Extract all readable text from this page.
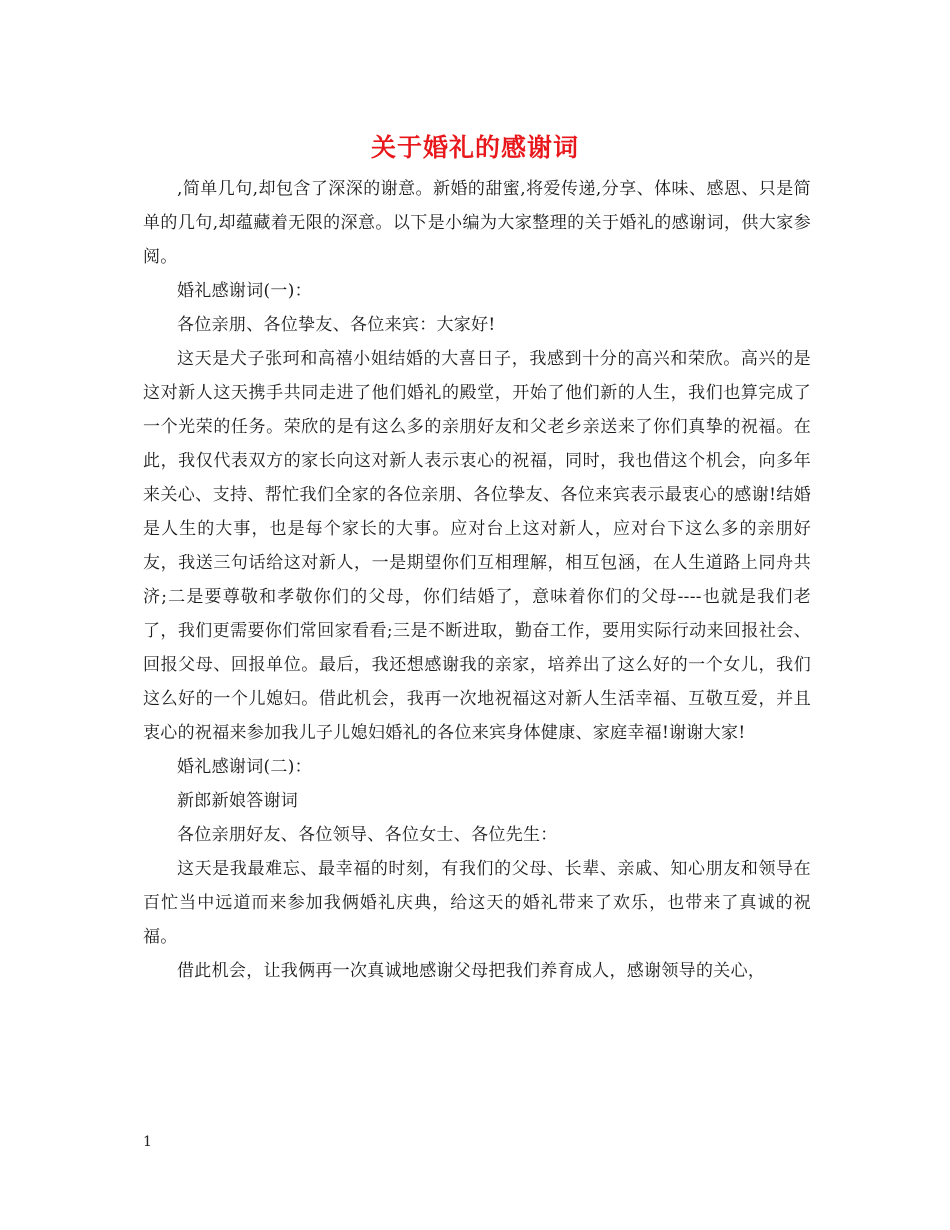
关于婚礼的感谢词

,简单几句,却包含了深深的谢意。新婚的甜蜜,将爱传递,分享、体味、感恩、只是简单的几句,却蕴藏着无限的深意。以下是小编为大家整理的关于婚礼的感谢词，供大家参阅。

婚礼感谢词(一)：

各位亲朋、各位挚友、各位来宾：大家好!

这天是犬子张珂和高禧小姐结婚的大喜日子，我感到十分的高兴和荣欣。高兴的是这对新人这天携手共同走进了他们婚礼的殿堂，开始了他们新的人生，我们也算完成了一个光荣的任务。荣欣的是有这么多的亲朋好友和父老乡亲送来了你们真挚的祝福。在此，我仅代表双方的家长向这对新人表示衷心的祝福，同时，我也借这个机会，向多年来关心、支持、帮忙我们全家的各位亲朋、各位挚友、各位来宾表示最衷心的感谢!结婚是人生的大事，也是每个家长的大事。应对台上这对新人，应对台下这么多的亲朋好友，我送三句话给这对新人，一是期望你们互相理解，相互包涵，在人生道路上同舟共济;二是要尊敬和孝敬你们的父母，你们结婚了，意味着你们的父母----也就是我们老了，我们更需要你们常回家看看;三是不断进取，勤奋工作，要用实际行动来回报社会、回报父母、回报单位。最后，我还想感谢我的亲家，培养出了这么好的一个女儿，我们这么好的一个儿媳妇。借此机会，我再一次地祝福这对新人生活幸福、互敬互爱，并且衷心的祝福来参加我儿子儿媳妇婚礼的各位来宾身体健康、家庭幸福!谢谢大家!

婚礼感谢词(二)：

新郎新娘答谢词

各位亲朋好友、各位领导、各位女士、各位先生：

这天是我最难忘、最幸福的时刻，有我们的父母、长辈、亲戚、知心朋友和领导在百忙当中远道而来参加我俩婚礼庆典，给这天的婚礼带来了欢乐，也带来了真诚的祝福。

借此机会，让我俩再一次真诚地感谢父母把我们养育成人，感谢领导的关心，

1
